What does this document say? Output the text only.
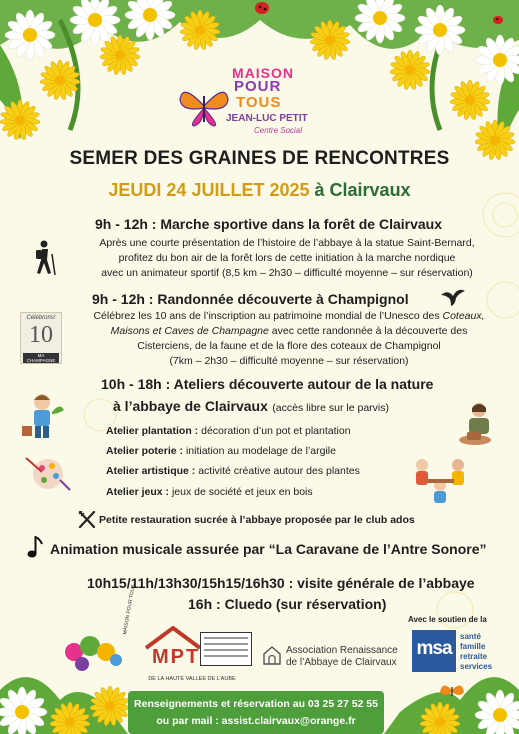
MAISON
POUR
TOUS
JEAN-LUC PETIT
Centre Social
SEMER DES GRAINES DE RENCONTRES
JEUDI 24 JUILLET 2025 à Clairvaux
9h - 12h : Marche sportive dans la forêt de Clairvaux
Après une courte présentation de l’histoire de l’abbaye à la statue Saint-Bernard,
profitez du bon air de la forêt lors de cette initiation à la marche nordique
avec un animateur sportif (8,5 km – 2h30 – difficulté moyenne – sur réservation)
9h - 12h : Randonnée découverte à Champignol
Célébrons!
10
MA CHAMPAGNE
Célébrez les 10 ans de l’inscription au patrimoine mondial de l’Unesco des Coteaux,
Maisons et Caves de Champagne avec cette randonnée à la découverte des
Cisterciens, de la faune et de la flore des coteaux de Champignol
(7km – 2h30 – difficulté moyenne – sur réservation)
10h - 18h : Ateliers découverte autour de la nature
à l’abbaye de Clairvaux (accès libre sur le parvis)
Atelier plantation : décoration d’un pot et plantation
Atelier poterie : initiation au modelage de l’argile
Atelier artistique : activité créative autour des plantes
Atelier jeux : jeux de société et jeux en bois
Petite restauration sucrée à l’abbaye proposée par le club ados
Animation musicale assurée par “La Caravane de l’Antre Sonore”
10h15/11h/13h30/15h15/16h30 : visite générale de l’abbaye
16h : Cluedo (sur réservation)
MAISON POUR TOUS
MPT
DE LA HAUTE VALLEE DE L’AUBE
Association Renaissance
de l’Abbaye de Clairvaux
Avec le soutien de la
msa
santé
famille
retraite
services
Renseignements et réservation au 03 25 27 52 55
ou par mail : assist.clairvaux@orange.fr
